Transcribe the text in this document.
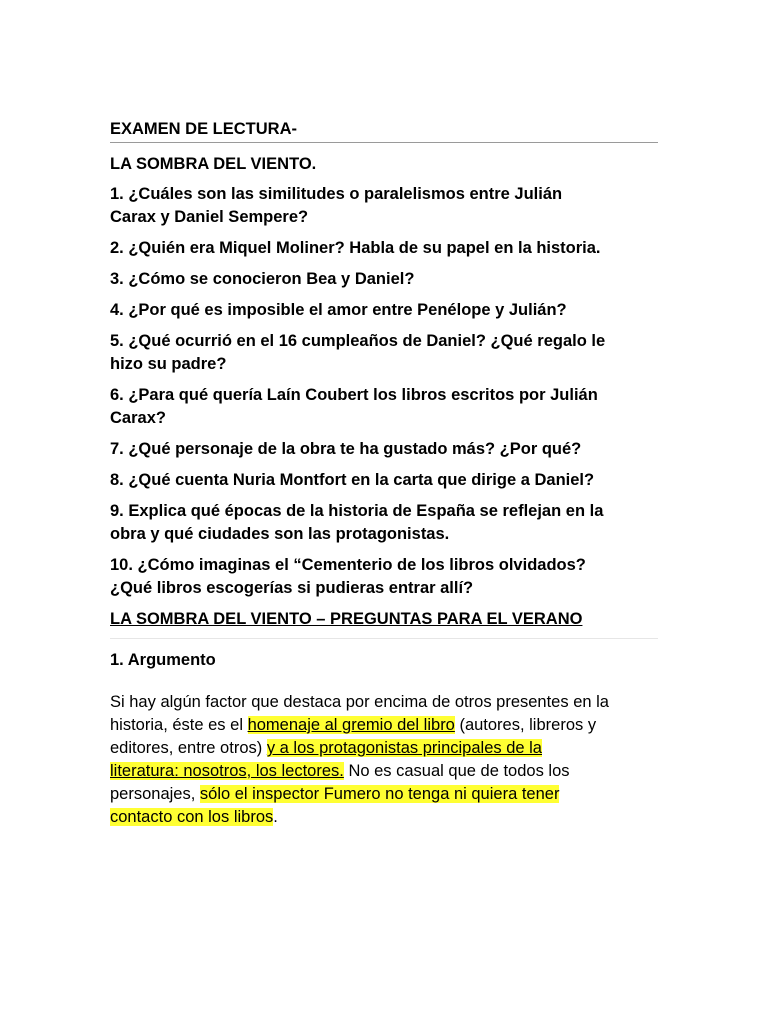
EXAMEN DE LECTURA-

LA SOMBRA DEL VIENTO.

1. ¿Cuáles son las similitudes o paralelismos entre Julián
Carax y Daniel Sempere?
2. ¿Quién era Miquel Moliner? Habla de su papel en la historia.
3. ¿Cómo se conocieron Bea y Daniel?
4. ¿Por qué es imposible el amor entre Penélope y Julián?
5. ¿Qué ocurrió en el 16 cumpleaños de Daniel? ¿Qué regalo le
hizo su padre?
6. ¿Para qué quería Laín Coubert los libros escritos por Julián
Carax?
7. ¿Qué personaje de la obra te ha gustado más? ¿Por qué?
8. ¿Qué cuenta Nuria Montfort en la carta que dirige a Daniel?
9. Explica qué épocas de la historia de España se reflejan en la
obra y qué ciudades son las protagonistas.
10. ¿Cómo imaginas el “Cementerio de los libros olvidados?
¿Qué libros escogerías si pudieras entrar allí?

LA SOMBRA DEL VIENTO – PREGUNTAS PARA EL VERANO

1. Argumento

Si hay algún factor que destaca por encima de otros presentes en la
historia, éste es el homenaje al gremio del libro (autores, libreros y
editores, entre otros) y a los protagonistas principales de la
literatura: nosotros, los lectores. No es casual que de todos los
personajes, sólo el inspector Fumero no tenga ni quiera tener
contacto con los libros.
